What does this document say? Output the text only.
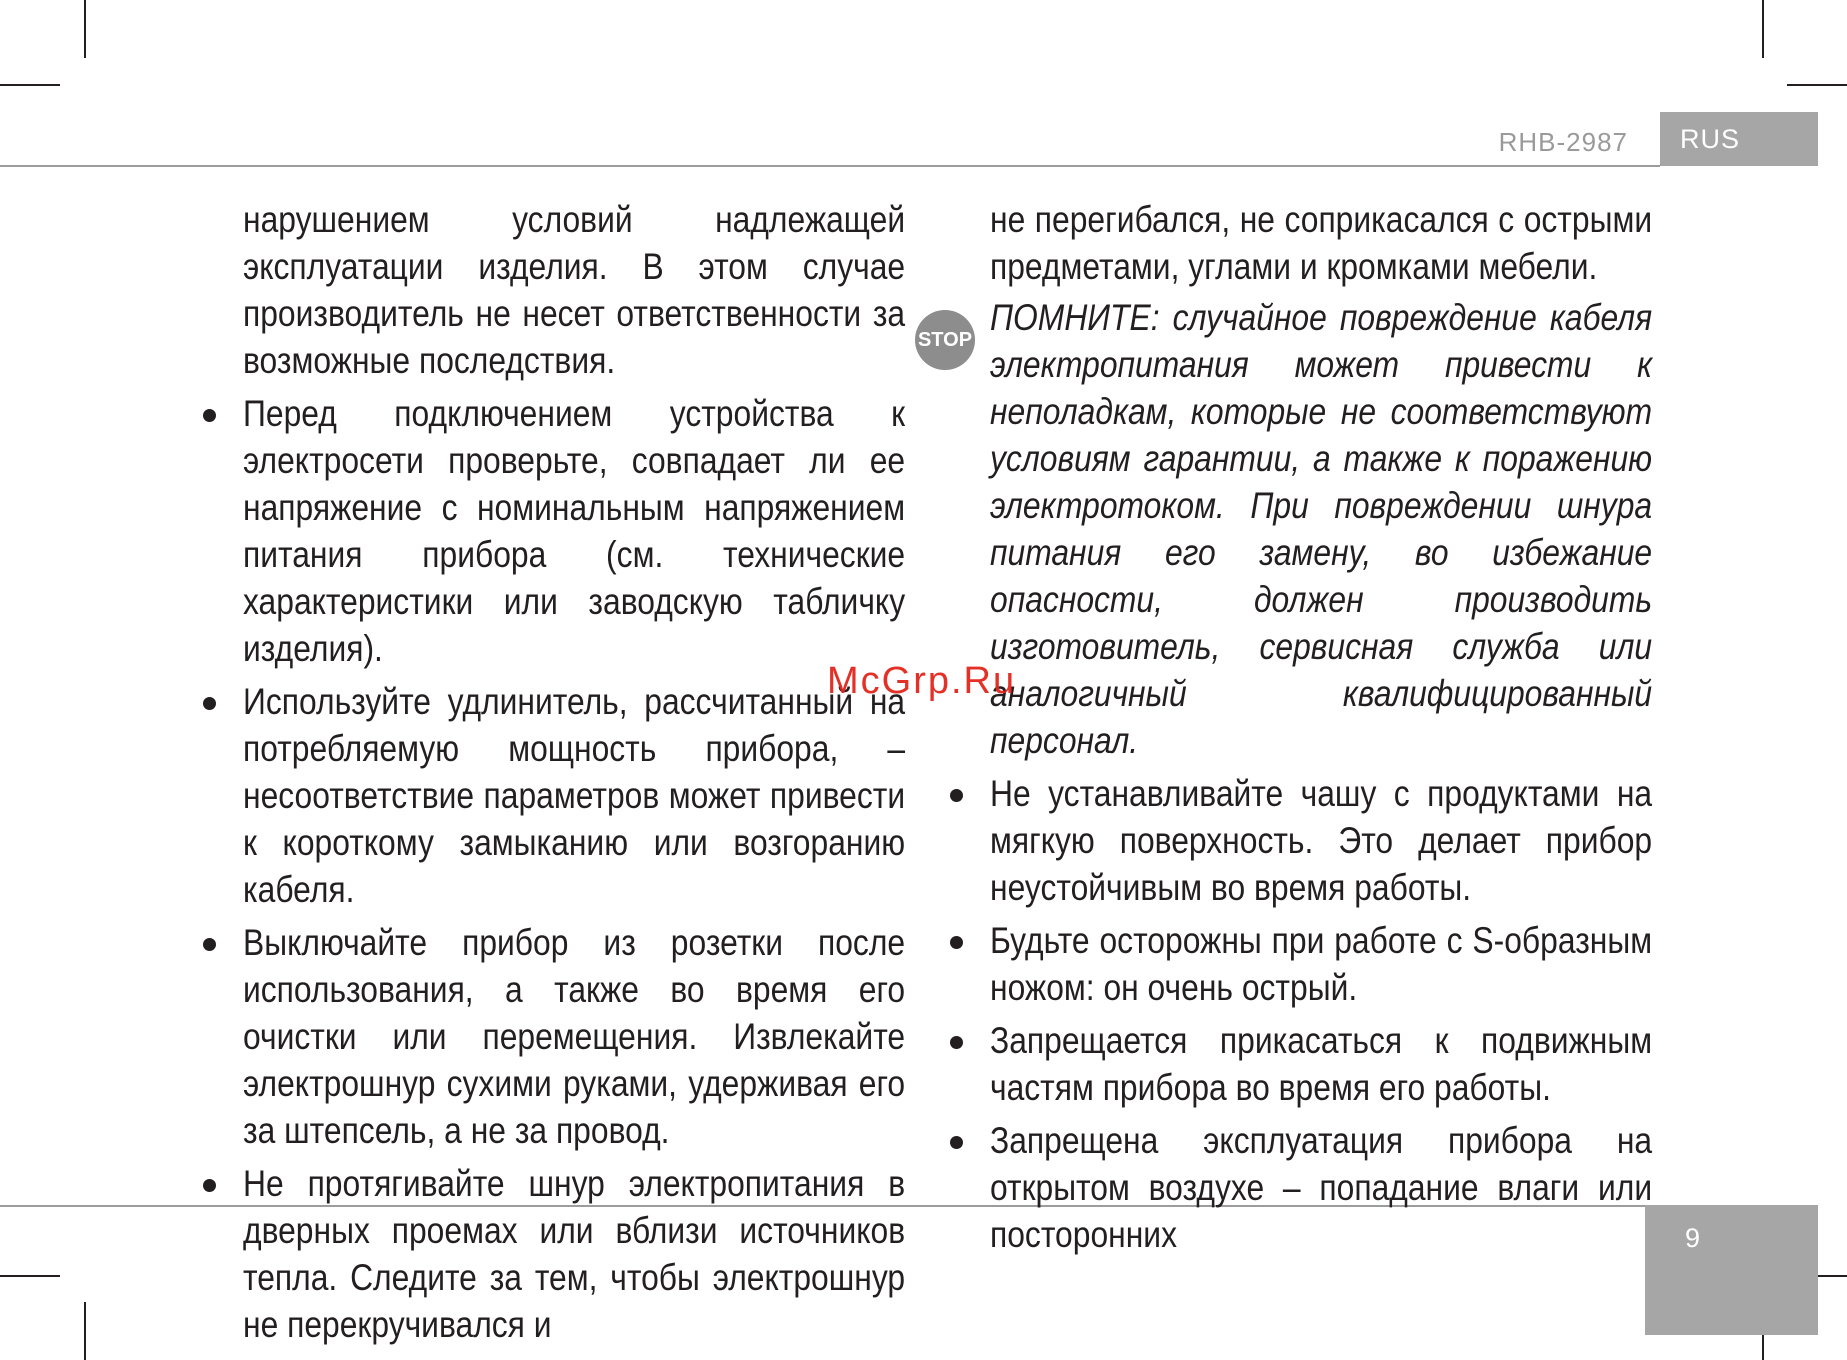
RHB-2987 RUS
9

нарушением условий надлежащей эксплуатации изделия. В этом случае производитель не несет ответственности за возможные последствия.

Перед подключением устройства к электросети проверьте, совпадает ли ее напряжение с номинальным напряжением питания прибора (см. технические характеристики или заводскую табличку изделия).

Используйте удлинитель, рассчитанный на потребляемую мощность прибора, – несоответствие параметров может привести к короткому замыканию или возгоранию кабеля.

Выключайте прибор из розетки после использования, а также во время его очистки или перемещения. Извлекайте электрошнур сухими руками, удерживая его за штепсель, а не за провод.

Не протягивайте шнур электропитания в дверных проемах или вблизи источников тепла. Следите за тем, чтобы электрошнур не перекручивался и

не перегибался, не соприкасался с острыми предметами, углами и кромками мебели.

STOP

ПОМНИТЕ: случайное повреждение кабеля электропитания может привести к неполадкам, которые не соответствуют условиям гарантии, а также к поражению электротоком. При повреждении шнура питания его замену, во избежание опасности, должен производить изготовитель, сервисная служба или аналогичный квалифицированный персонал.

Не устанавливайте чашу с продуктами на мягкую поверхность. Это делает прибор неустойчивым во время работы.

Будьте осторожны при работе с S-образным ножом: он очень острый.

Запрещается прикасаться к подвижным частям прибора во время его работы.

Запрещена эксплуатация прибора на открытом воздухе – попадание влаги или посторонних

McGrp.Ru
